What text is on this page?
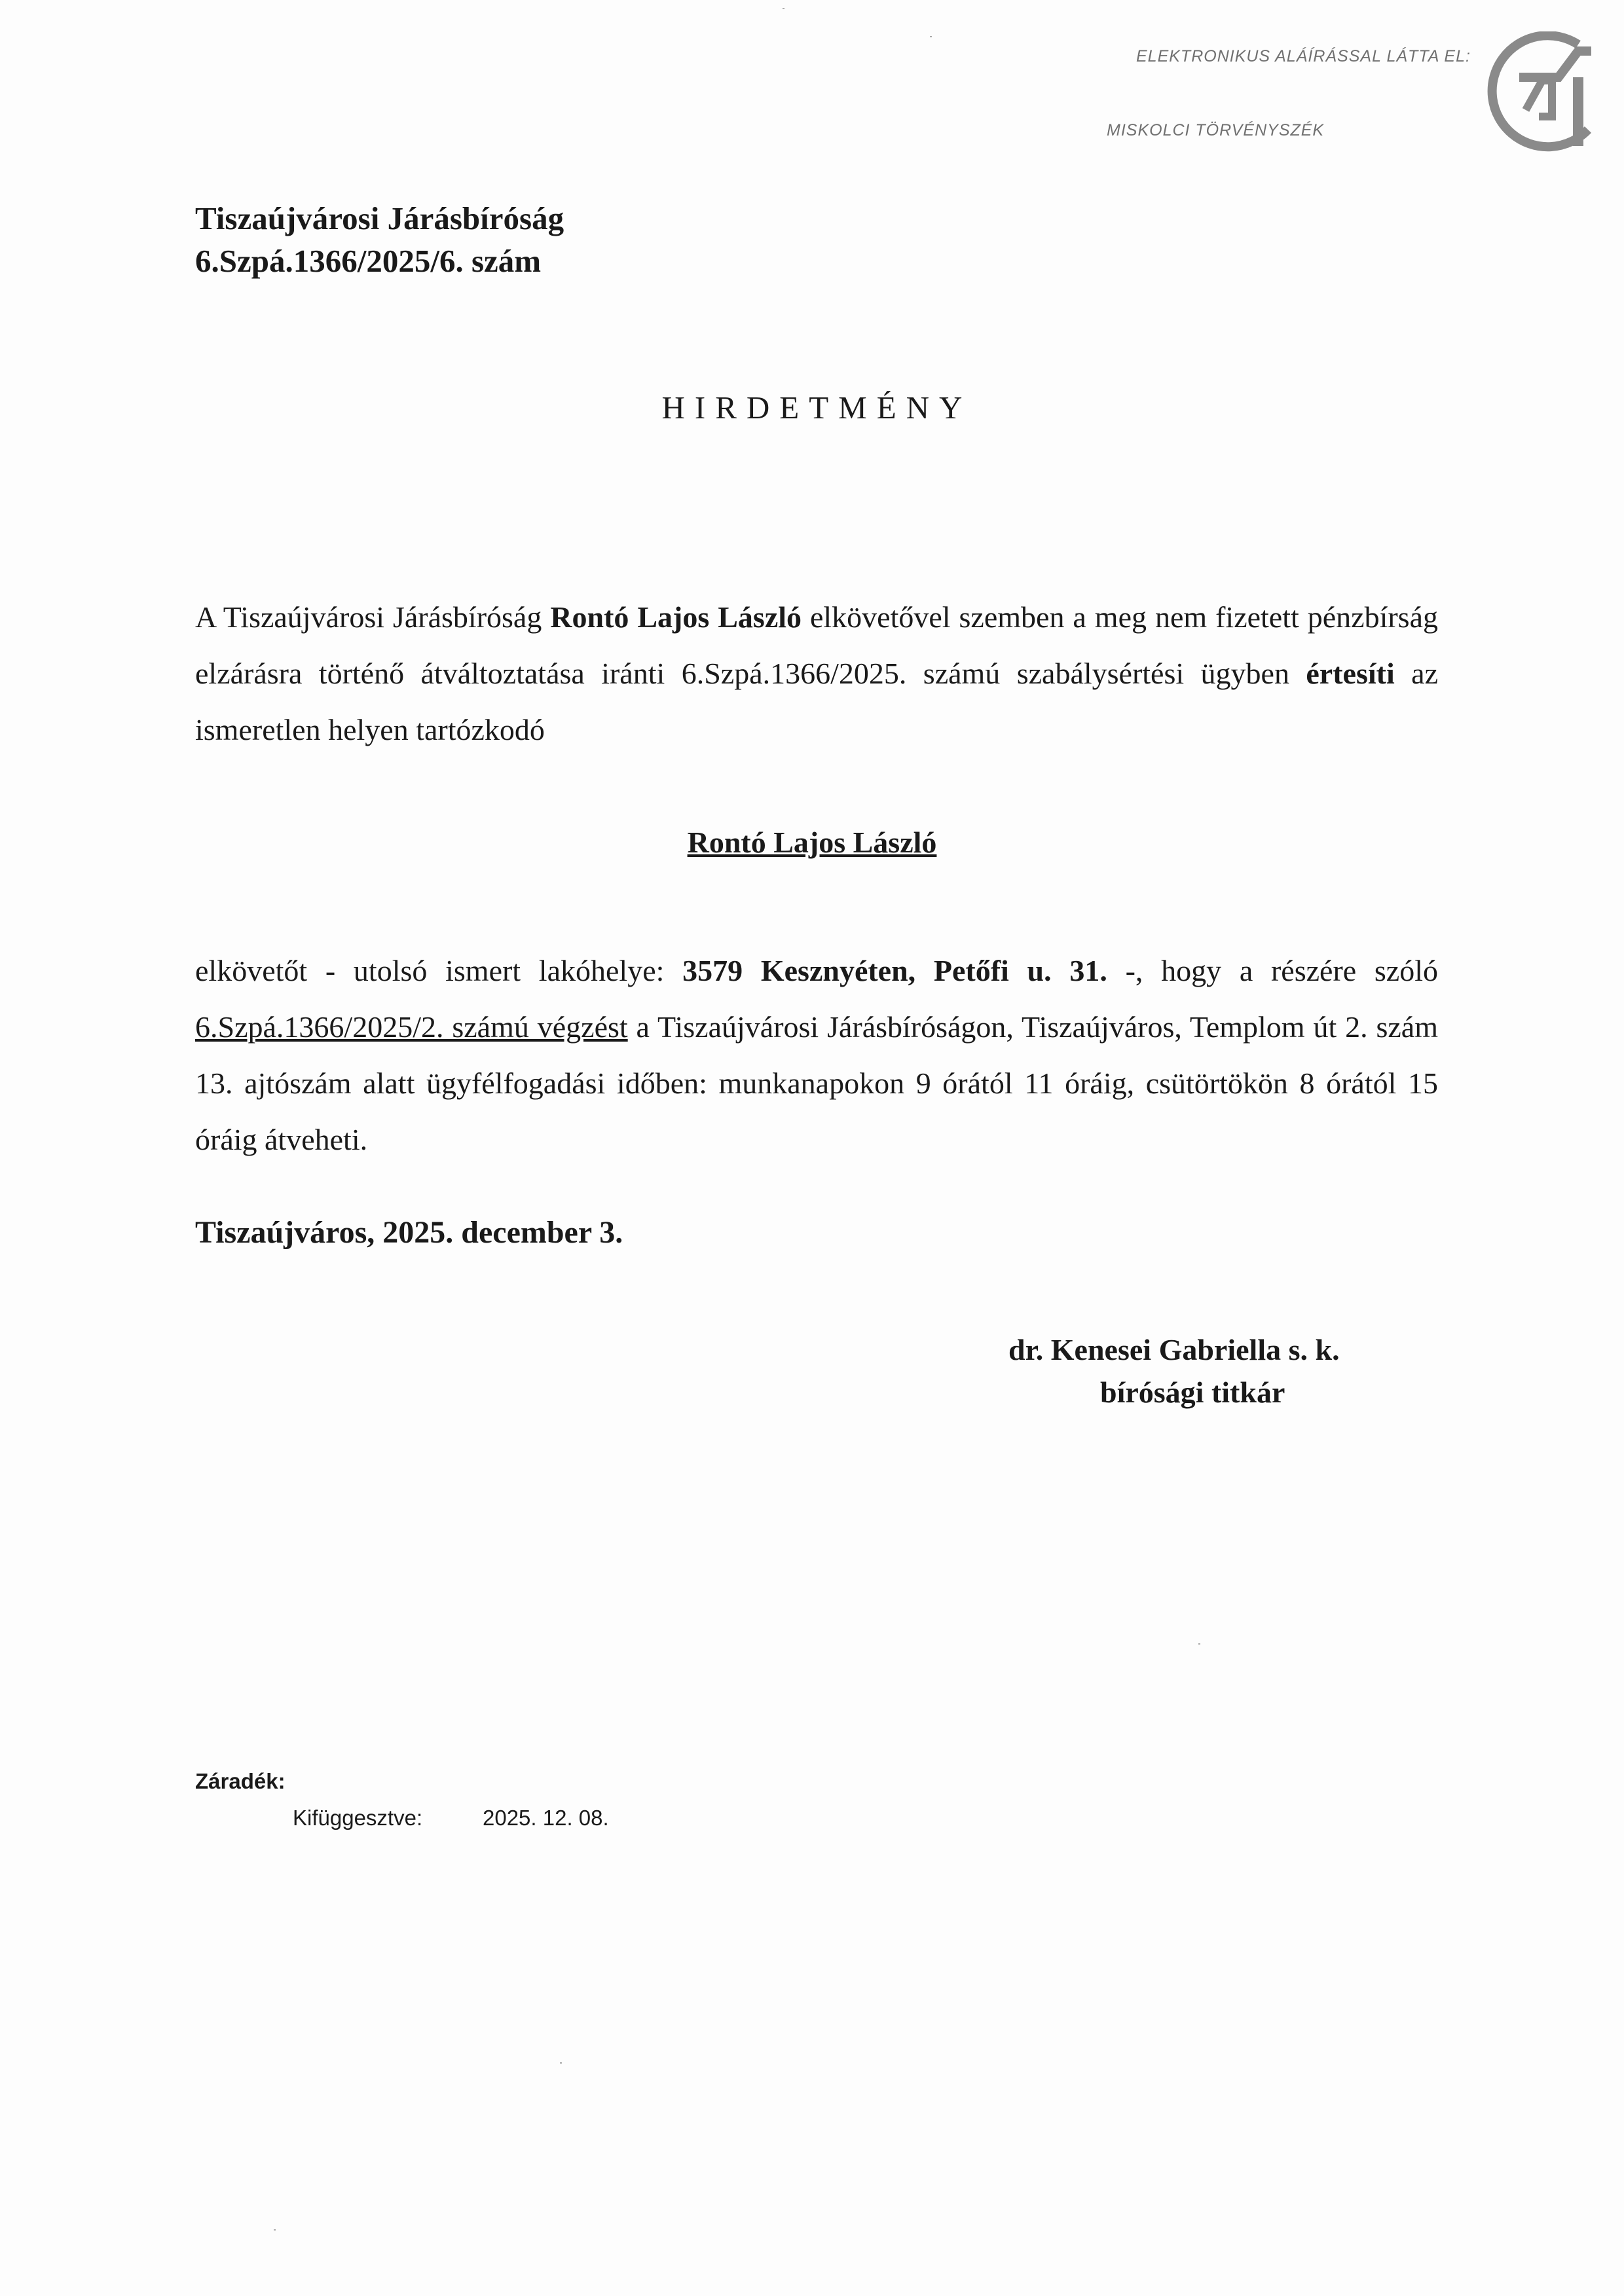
ELEKTRONIKUS ALÁÍRÁSSAL LÁTTA EL:
MISKOLCI TÖRVÉNYSZÉK
Tiszaújvárosi Járásbíróság
6.Szpá.1366/2025/6. szám
HIRDETMÉNY
A Tiszaújvárosi Járásbíróság Rontó Lajos László elkövetővel szemben a meg nem fizetett pénzbírság elzárásra történő átváltoztatása iránti 6.Szpá.1366/2025. számú szabálysértési ügyben értesíti az ismeretlen helyen tartózkodó
Rontó Lajos László
elkövetőt - utolsó ismert lakóhelye: 3579 Kesznyéten, Petőfi u. 31. -, hogy a részére szóló 6.Szpá.1366/2025/2. számú végzést a Tiszaújvárosi Járásbíróságon, Tiszaújváros, Templom út 2. szám 13. ajtószám alatt ügyfélfogadási időben: munkanapokon 9 órától 11 óráig, csütörtökön 8 órától 15 óráig átveheti.
Tiszaújváros, 2025. december 3.
dr. Kenesei Gabriella s. k.
bírósági titkár
Záradék:
Kifüggesztve:	2025. 12. 08.
